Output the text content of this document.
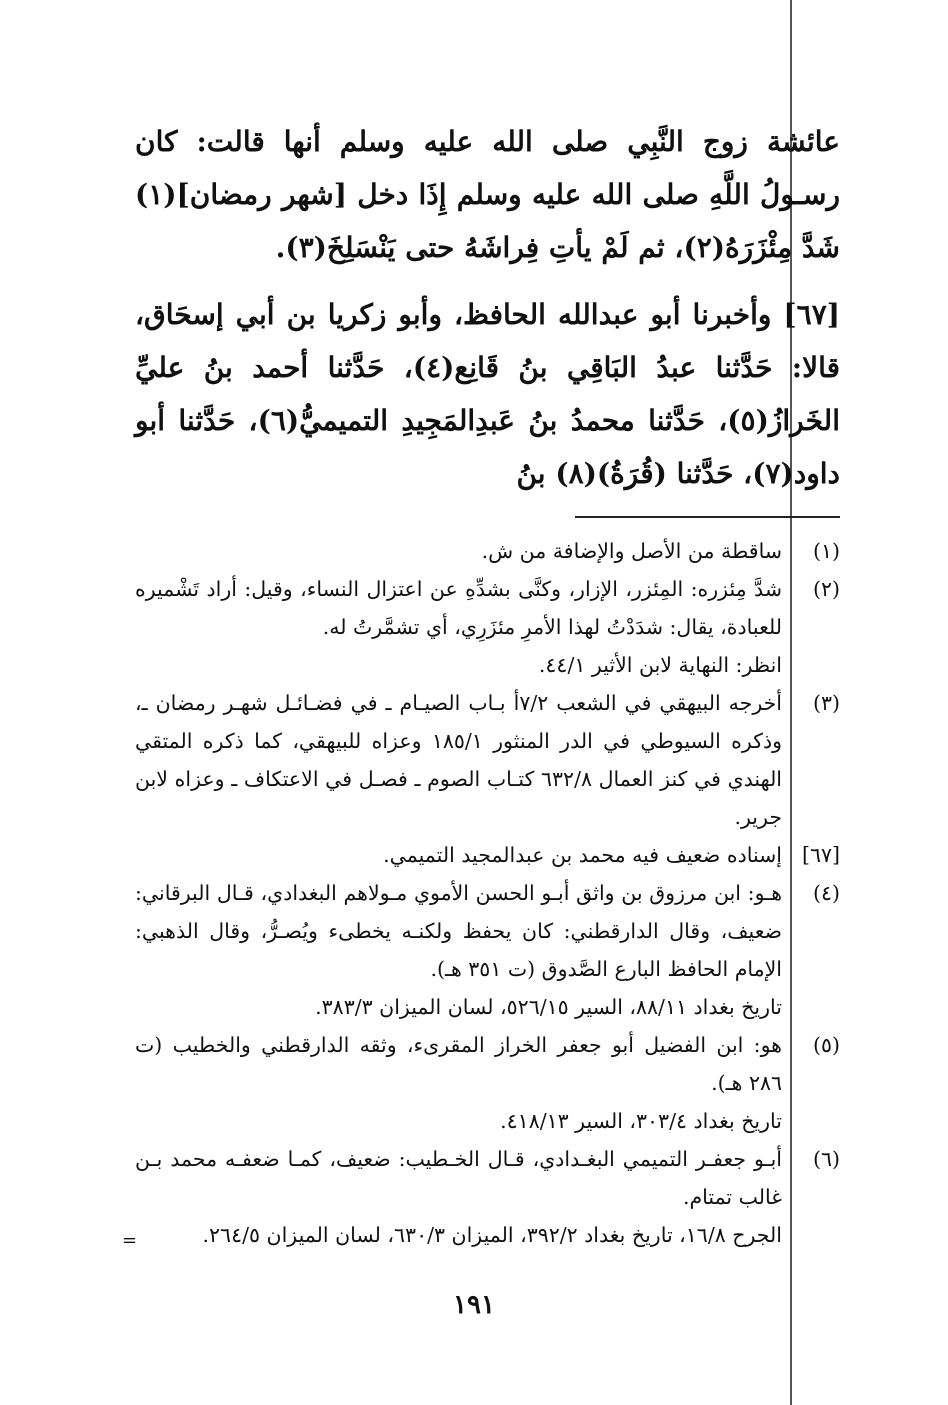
عائشة زوج النَّبِي صلى الله عليه وسلم أنها قالت: كان رسـولُ اللَّهِ صلى الله عليه وسلم إِذَا دخل [شهر رمضان](١) شَدَّ مِئْزَرَهُ(٢)، ثم لَمْ يأتِ فِراشَهُ حتى يَنْسَلِخَ(٣).

[٦٧] وأخبرنا أبو عبدالله الحافظ، وأبو زكريا بن أبي إسحَاق، قالا: حَدَّثنا عبدُ البَاقِي بنُ قَانِع(٤)، حَدَّثنا أحمد بنُ عليِّ الخَرازُ(٥)، حَدَّثنا محمدُ بنُ عَبدِالمَجِيدِ التميميُّ(٦)، حَدَّثنا أبو داود(٧)، حَدَّثنا (قُرَةُ)(٨) بنُ

(١)

ساقطة من الأصل والإضافة من ش.

(٢)

شدَّ مِئزره: المِئزر، الإزار، وكنَّى بشدِّهِ عن اعتزال النساء، وقيل: أراد تَشْميره للعبادة، يقال: شدَدْتُ لهذا الأمرِ مئزَرِي، أي تشمَّرتُ له.

انظر: النهاية لابن الأثير ٤٤/١.

(٣)

أخرجه البيهقي في الشعب ٧/٢أ بـاب الصيـام ـ في فضـائـل شهـر رمضان ـ، وذكره السيوطي في الدر المنثور ١٨٥/١ وعزاه للبيهقي، كما ذكره المتقي الهندي في كنز العمال ٦٣٢/٨ كتـاب الصوم ـ فصـل في الاعتكاف ـ وعزاه لابن جرير.

[٦٧]

إسناده ضعيف فيه محمد بن عبدالمجيد التميمي.

(٤)

هـو: ابن مرزوق بن واثق أبـو الحسن الأموي مـولاهم البغدادي، قـال البرقاني: ضعيف، وقال الدارقطني: كان يحفظ ولكنـه يخطىء ويُصـرُّ، وقال الذهبي: الإمام الحافظ البارع الصَّدوق (ت ٣٥١ هـ).

تاريخ بغداد ٨٨/١١، السير ٥٢٦/١٥، لسان الميزان ٣٨٣/٣.

(٥)

هو: ابن الفضيل أبو جعفر الخراز المقرىء، وثقه الدارقطني والخطيب (ت ٢٨٦ هـ).

تاريخ بغداد ٣٠٣/٤، السير ٤١٨/١٣.

(٦)

أبـو جعفـر التميمي البغـدادي، قـال الخـطيب: ضعيف، كمـا ضعفـه محمد بـن غالب تمتام.

الجرح ١٦/٨، تاريخ بغداد ٣٩٢/٢، الميزان ٦٣٠/٣، لسان الميزان ٢٦٤/٥.

=
١٩١
